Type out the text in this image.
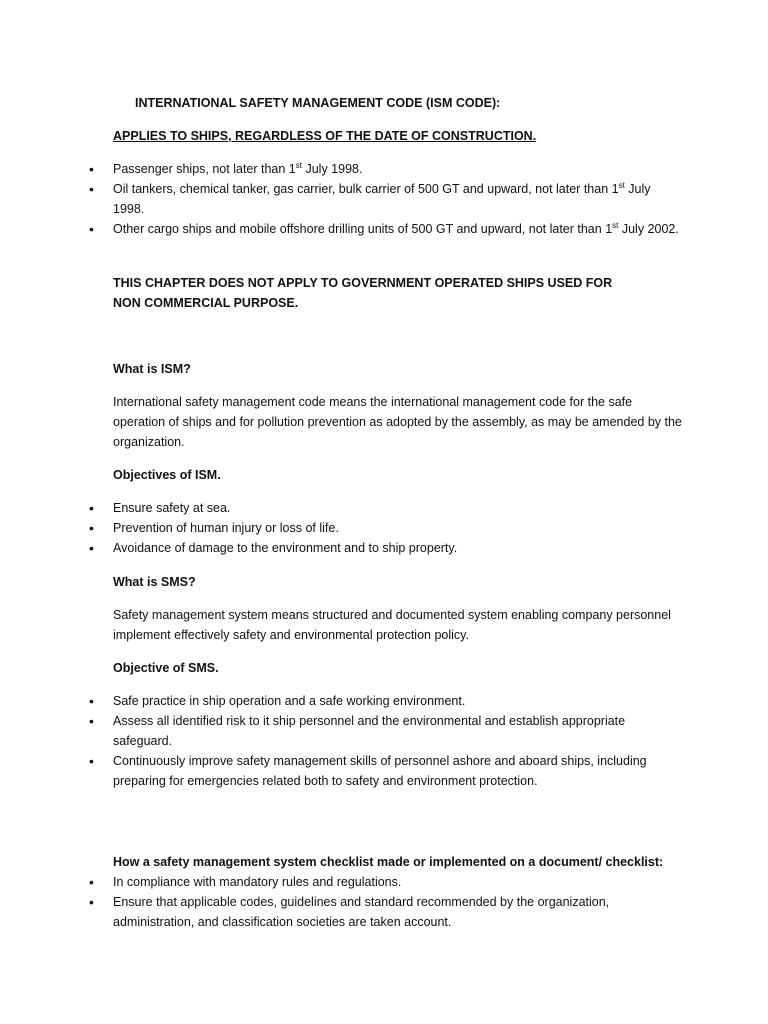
INTERNATIONAL SAFETY MANAGEMENT CODE (ISM CODE):

APPLIES TO SHIPS, REGARDLESS OF THE DATE OF CONSTRUCTION.

• Passenger ships, not later than 1st July 1998.
• Oil tankers, chemical tanker, gas carrier, bulk carrier of 500 GT and upward, not later than 1st July 1998.
• Other cargo ships and mobile offshore drilling units of 500 GT and upward, not later than 1st July 2002.

THIS CHAPTER DOES NOT APPLY TO GOVERNMENT OPERATED SHIPS USED FOR NON COMMERCIAL PURPOSE.

What is ISM?

International safety management code means the international management code for the safe operation of ships and for pollution prevention as adopted by the assembly, as may be amended by the organization.

Objectives of ISM.

• Ensure safety at sea.
• Prevention of human injury or loss of life.
• Avoidance of damage to the environment and to ship property.

What is SMS?

Safety management system means structured and documented system enabling company personnel implement effectively safety and environmental protection policy.

Objective of SMS.

• Safe practice in ship operation and a safe working environment.
• Assess all identified risk to it ship personnel and the environmental and establish appropriate safeguard.
• Continuously improve safety management skills of personnel ashore and aboard ships, including preparing for emergencies related both to safety and environment protection.

How a safety management system checklist made or implemented on a document/ checklist:

• In compliance with mandatory rules and regulations.
• Ensure that applicable codes, guidelines and standard recommended by the organization, administration, and classification societies are taken account.
